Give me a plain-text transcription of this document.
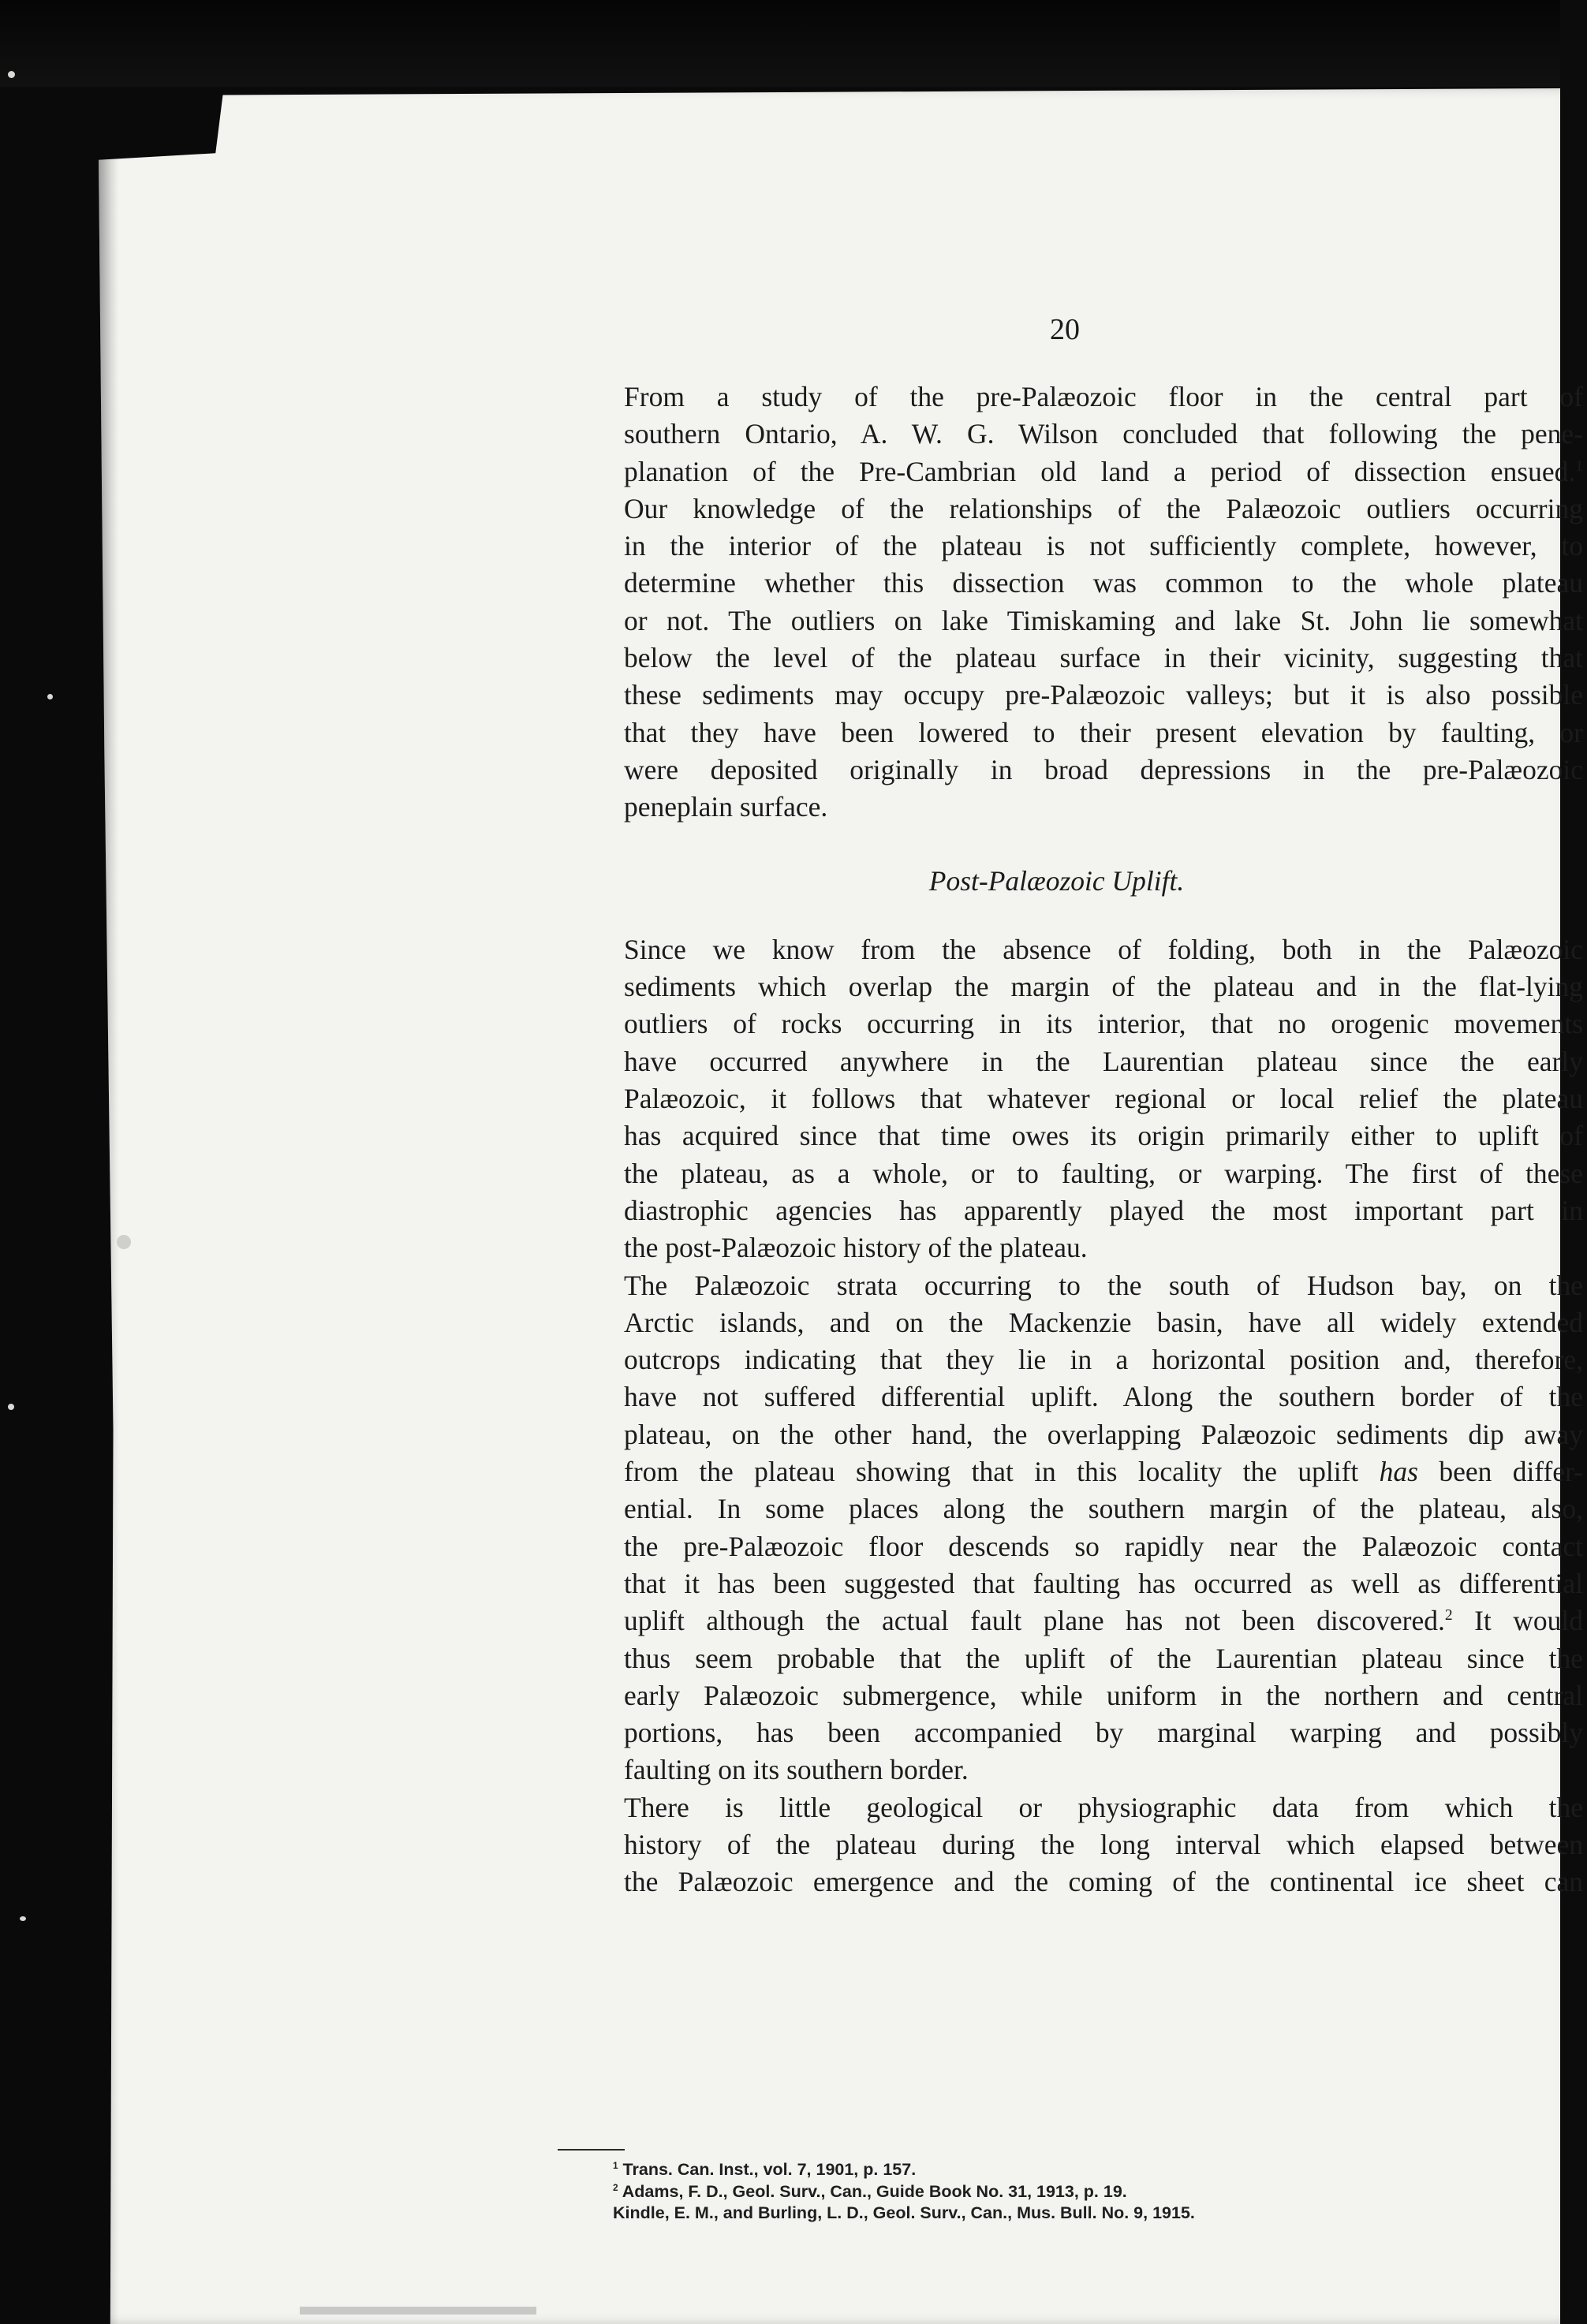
20

From a study of the pre-Palæozoic floor in the central part of
southern Ontario, A. W. G. Wilson concluded that following the pene-
planation of the Pre-Cambrian old land a period of dissection ensued.$^1$
Our knowledge of the relationships of the Palæozoic outliers occurring
in the interior of the plateau is not sufficiently complete, however, to
determine whether this dissection was common to the whole plateau
or not. The outliers on lake Timiskaming and lake St. John lie somewhat
below the level of the plateau surface in their vicinity, suggesting that
these sediments may occupy pre-Palæozoic valleys; but it is also possible
that they have been lowered to their present elevation by faulting, or
were deposited originally in broad depressions in the pre-Palæozoic
peneplain surface.

Post-Palæozoic Uplift.

Since we know from the absence of folding, both in the Palæozoic
sediments which overlap the margin of the plateau and in the flat-lying
outliers of rocks occurring in its interior, that no orogenic movements
have occurred anywhere in the Laurentian plateau since the early
Palæozoic, it follows that whatever regional or local relief the plateau
has acquired since that time owes its origin primarily either to uplift of
the plateau, as a whole, or to faulting, or warping. The first of these
diastrophic agencies has apparently played the most important part in
the post-Palæozoic history of the plateau.

The Palæozoic strata occurring to the south of Hudson bay, on the
Arctic islands, and on the Mackenzie basin, have all widely extended
outcrops indicating that they lie in a horizontal position and, therefore,
have not suffered differential uplift. Along the southern border of the
plateau, on the other hand, the overlapping Palæozoic sediments dip away
from the plateau showing that in this locality the uplift has been differ-
ential. In some places along the southern margin of the plateau, also,
the pre-Palæozoic floor descends so rapidly near the Palæozoic contact
that it has been suggested that faulting has occurred as well as differential
uplift although the actual fault plane has not been discovered.$^2$ It would
thus seem probable that the uplift of the Laurentian plateau since the
early Palæozoic submergence, while uniform in the northern and central
portions, has been accompanied by marginal warping and possibly
faulting on its southern border.

There is little geological or physiographic data from which the
history of the plateau during the long interval which elapsed between
the Palæozoic emergence and the coming of the continental ice sheet can

$^1$ Trans. Can. Inst., vol. 7, 1901, p. 157.
$^2$ Adams, F. D., Geol. Surv., Can., Guide Book No. 31, 1913, p. 19.
Kindle, E. M., and Burling, L. D., Geol. Surv., Can., Mus. Bull. No. 9, 1915.
